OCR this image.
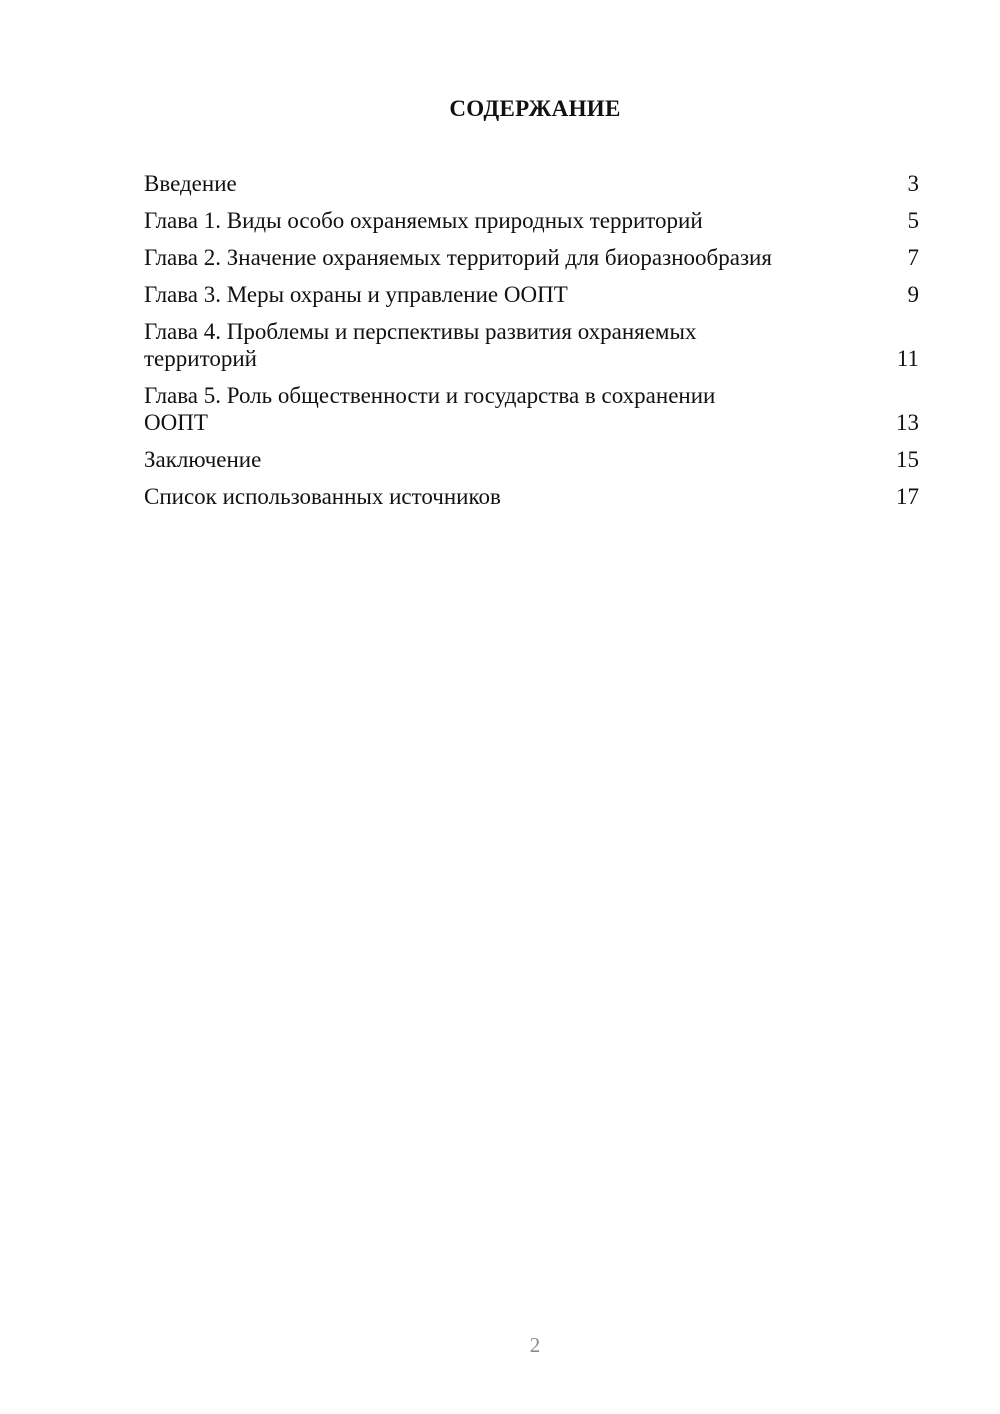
СОДЕРЖАНИЕ
Введение	3
Глава 1. Виды особо охраняемых природных территорий	5
Глава 2. Значение охраняемых территорий для биоразнообразия	7
Глава 3. Меры охраны и управление ООПТ	9
Глава 4. Проблемы и перспективы развития охраняемых территорий	11
Глава 5. Роль общественности и государства в сохранении ООПТ	13
Заключение	15
Список использованных источников	17
2
